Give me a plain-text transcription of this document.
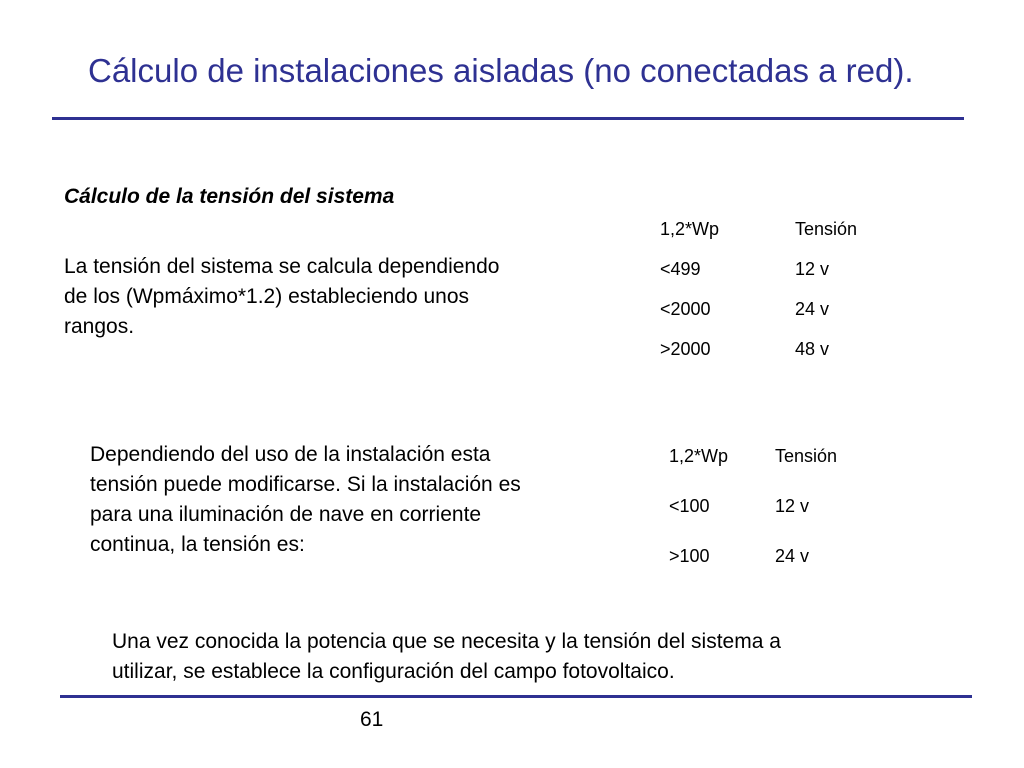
Cálculo de instalaciones aisladas (no conectadas a red).
Cálculo de la tensión del sistema
La tensión del sistema se calcula dependiendo
de los (Wpmáximo*1.2) estableciendo unos
rangos.
1,2*Wp	Tensión
<499	12 v
<2000	24 v
>2000	48 v
Dependiendo del uso de la instalación esta
tensión puede modificarse. Si la instalación es
para una iluminación de nave en corriente
continua, la tensión es:
1,2*Wp	Tensión
<100	12 v
>100	24 v
Una vez conocida la potencia que se necesita y la tensión del sistema a
utilizar, se establece la configuración del campo fotovoltaico.
61
